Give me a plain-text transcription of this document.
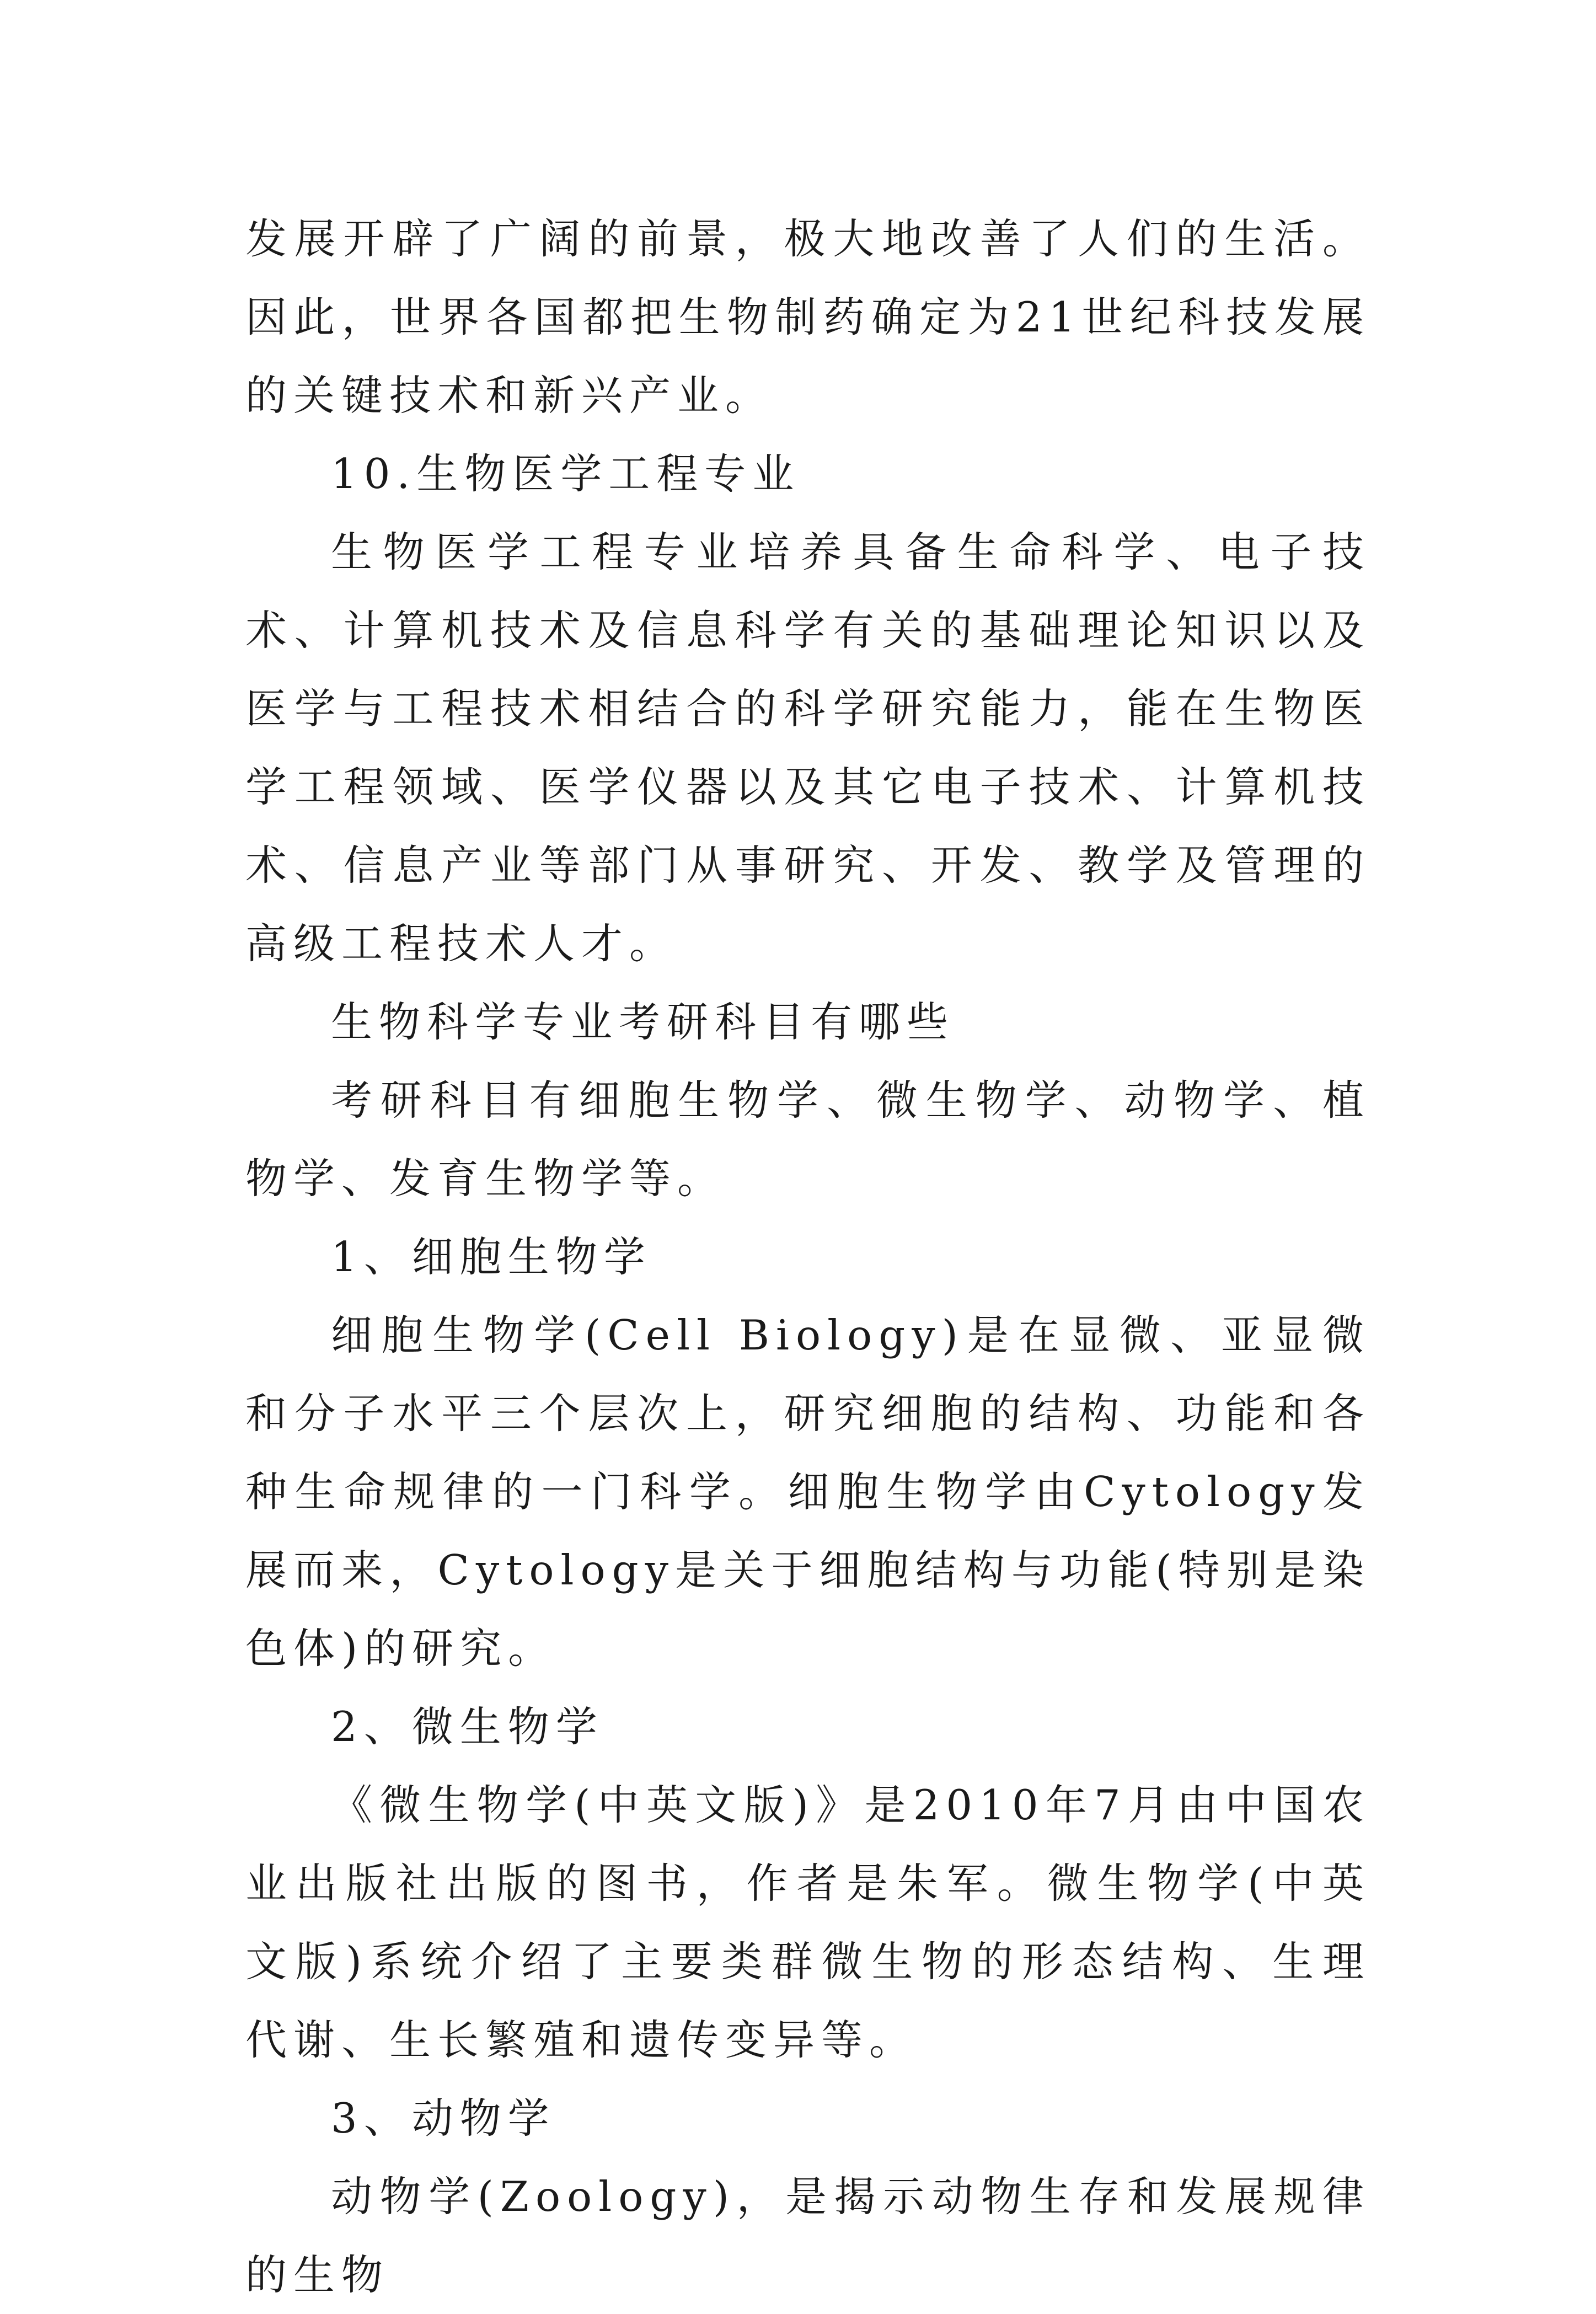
发展开辟了广阔的前景，极大地改善了人们的生活。因此，世界各国都把生物制药确定为21世纪科技发展的关键技术和新兴产业。

10.生物医学工程专业

生物医学工程专业培养具备生命科学、电子技术、计算机技术及信息科学有关的基础理论知识以及医学与工程技术相结合的科学研究能力，能在生物医学工程领域、医学仪器以及其它电子技术、计算机技术、信息产业等部门从事研究、开发、教学及管理的高级工程技术人才。

生物科学专业考研科目有哪些

考研科目有细胞生物学、微生物学、动物学、植物学、发育生物学等。

1、细胞生物学

细胞生物学(Cell Biology)是在显微、亚显微和分子水平三个层次上，研究细胞的结构、功能和各种生命规律的一门科学。细胞生物学由Cytology发展而来，Cytology是关于细胞结构与功能(特别是染色体)的研究。

2、微生物学

《微生物学(中英文版)》是2010年7月由中国农业出版社出版的图书，作者是朱军。微生物学(中英文版)系统介绍了主要类群微生物的形态结构、生理代谢、生长繁殖和遗传变异等。

3、动物学

动物学(Zoology)，是揭示动物生存和发展规律的生物
